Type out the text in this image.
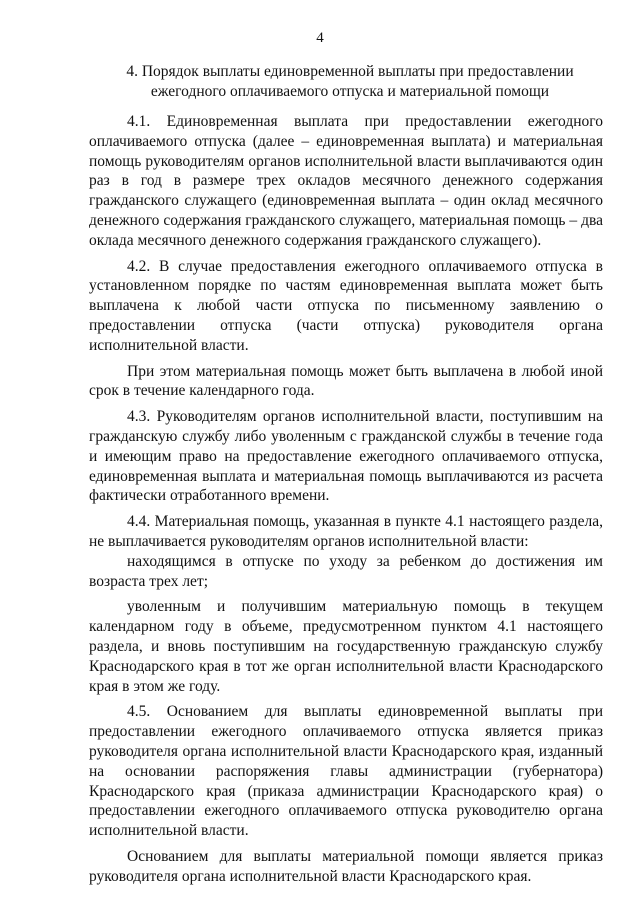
4
4. Порядок выплаты единовременной выплаты при предоставлении
ежегодного оплачиваемого отпуска и материальной помощи

4.1. Единовременная выплата при предоставлении ежегодного оплачиваемого отпуска (далее – единовременная выплата) и материальная помощь руководителям органов исполнительной власти выплачиваются один раз в год в размере трех окладов месячного денежного содержания гражданского служащего (единовременная выплата – один оклад месячного денежного содержания гражданского служащего, материальная помощь – два оклада месячного денежного содержания гражданского служащего).

4.2. В случае предоставления ежегодного оплачиваемого отпуска в установленном порядке по частям единовременная выплата может быть выплачена к любой части отпуска по письменному заявлению о предоставлении отпуска (части отпуска) руководителя органа исполнительной власти.

При этом материальная помощь может быть выплачена в любой иной срок в течение календарного года.

4.3. Руководителям органов исполнительной власти, поступившим на гражданскую службу либо уволенным с гражданской службы в течение года и имеющим право на предоставление ежегодного оплачиваемого отпуска, единовременная выплата и материальная помощь выплачиваются из расчета фактически отработанного времени.

4.4. Материальная помощь, указанная в пункте 4.1 настоящего раздела, не выплачивается руководителям органов исполнительной власти:

находящимся в отпуске по уходу за ребенком до достижения им возраста трех лет;

уволенным и получившим материальную помощь в текущем календарном году в объеме, предусмотренном пунктом 4.1 настоящего раздела, и вновь поступившим на государственную гражданскую службу Краснодарского края в тот же орган исполнительной власти Краснодарского края в этом же году.

4.5. Основанием для выплаты единовременной выплаты при предоставлении ежегодного оплачиваемого отпуска является приказ руководителя органа исполнительной власти Краснодарского края, изданный на основании распоряжения главы администрации (губернатора) Краснодарского края (приказа администрации Краснодарского края) о предоставлении ежегодного оплачиваемого отпуска руководителю органа исполнительной власти.

Основанием для выплаты материальной помощи является приказ руководителя органа исполнительной власти Краснодарского края.
